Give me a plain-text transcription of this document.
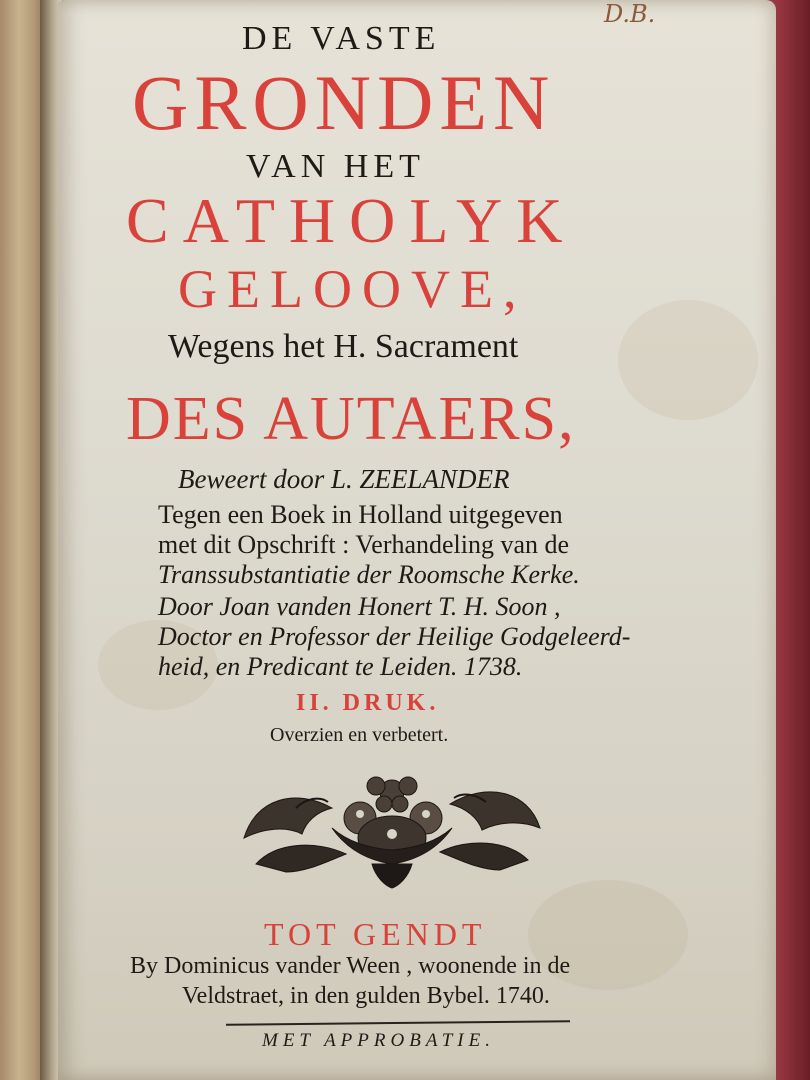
D.B.
DE VASTE
GRONDEN
VAN HET
CATHOLYK
GELOOVE,
Wegens het H. Sacrament
DES AUTAERS,
Beweert door L. ZEELANDER
Tegen een Boek in Holland uitgegeven
met dit Opschrift : Verhandeling van de
Transsubstantiatie der Roomsche Kerke.
Door Joan vanden Honert T. H. Soon ,
Doctor en Professor der Heilige Godgeleerd-
heid, en Predicant te Leiden. 1738.
II. DRUK.
Overzien en verbetert.
TOT GENDT
By Dominicus vander Ween , woonende in de
Veldstraet, in den gulden Bybel. 1740.
MET APPROBATIE.
